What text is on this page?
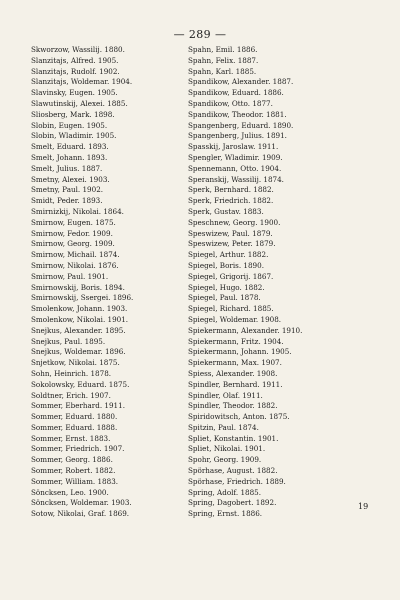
— 289 —
Skworzow, Wassilij. 1880.
Slanzitajs, Alfred. 1905.
Slanzitajs, Rudolf. 1902.
Slanzitajs, Woldemar. 1904.
Slavinsky, Eugen. 1905.
Slawutinskij, Alexei. 1885.
Sliosberg, Mark. 1898.
Slobin, Eugen. 1905.
Slobin, Wladimir. 1905.
Smelt, Eduard. 1893.
Smelt, Johann. 1893.
Smelt, Julius. 1887.
Smetny, Alexei. 1903.
Smetny, Paul. 1902.
Smidt, Peder. 1893.
Smirnizkij, Nikolai. 1864.
Smirnow, Eugen. 1875.
Smirnow, Fedor. 1909.
Smirnow, Georg. 1909.
Smirnow, Michail. 1874.
Smirnow, Nikolai. 1876.
Smirnow, Paul. 1901.
Smirnowskij, Boris. 1894.
Smirnowskij, Ssergei. 1896.
Smolenkow, Johann. 1903.
Smolenkow, Nikolai. 1901.
Snejkus, Alexander. 1895.
Snejkus, Paul. 1895.
Snejkus, Woldemar. 1896.
Snjetkow, Nikolai. 1875.
Sohn, Heinrich. 1878.
Sokolowsky, Eduard. 1875.
Soldtner, Erich. 1907.
Sommer, Eberhard. 1911.
Sommer, Eduard. 1880.
Sommer, Eduard. 1888.
Sommer, Ernst. 1883.
Sommer, Friedrich. 1907.
Sommer, Georg. 1886.
Sommer, Robert. 1882.
Sommer, William. 1883.
Söncksen, Leo. 1900.
Söncksen, Woldemar. 1903.
Sotow, Nikolai, Graf. 1869.
Spahn, Emil. 1886.
Spahn, Felix. 1887.
Spahn, Karl. 1885.
Spandikow, Alexander. 1887.
Spandikow, Eduard. 1886.
Spandikow, Otto. 1877.
Spandikow, Theodor. 1881.
Spangenberg, Eduard. 1890.
Spangenberg, Julius. 1891.
Spasskij, Jaroslaw. 1911.
Spengler, Wladimir. 1909.
Spennemann, Otto. 1904.
Speranskij, Wassilij. 1874.
Sperk, Bernhard. 1882.
Sperk, Friedrich. 1882.
Sperk, Gustav. 1883.
Speschnew, Georg. 1900.
Speswizew, Paul. 1879.
Speswizew, Peter. 1879.
Spiegel, Arthur. 1882.
Spiegel, Boris. 1890.
Spiegel, Grigorij. 1867.
Spiegel, Hugo. 1882.
Spiegel, Paul. 1878.
Spiegel, Richard. 1885.
Spiegel, Woldemar. 1908.
Spiekermann, Alexander. 1910.
Spiekermann, Fritz. 1904.
Spiekermann, Johann. 1905.
Spiekermann, Max. 1907.
Spiess, Alexander. 1908.
Spindler, Bernhard. 1911.
Spindler, Olaf. 1911.
Spindler, Theodor. 1882.
Spiridowitsch, Anton. 1875.
Spitzin, Paul. 1874.
Spliet, Konstantin. 1901.
Spliet, Nikolai. 1901.
Spohr, Georg. 1909.
Spörhase, August. 1882.
Spörhase, Friedrich. 1889.
Spring, Adolf. 1885.
Spring, Dagobert. 1892.
Spring, Ernst. 1886.
19
